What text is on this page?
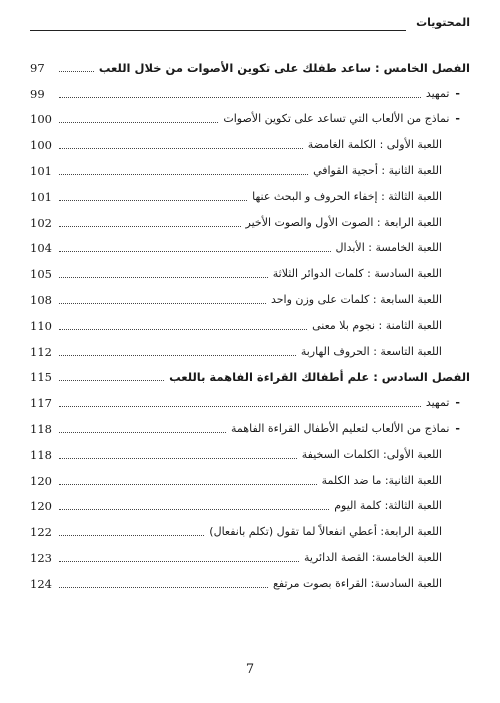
المحتويات
الفصل الخامس : ساعد طفلك على تكوين الأصوات من خلال اللعب
97
-تمهيد
99
-نماذج من الألعاب التي تساعد على تكوين الأصوات
100
اللعبة الأولى : الكلمة الغامضة
100
اللعبة الثانية : أحجية القوافي
101
اللعبة الثالثة : إخفاء الحروف و البحث عنها
101
اللعبة الرابعة : الصوت الأول والصوت الأخير
102
اللعبة الخامسة : الأبدال
104
اللعبة السادسة : كلمات الدوائر الثلاثة
105
اللعبة السابعة : كلمات على وزن واحد
108
اللعبة الثامنة : نجوم بلا معنى
110
اللعبة التاسعة : الحروف الهاربة
112
الفصل السادس : علم أطفالك القراءة الفاهمة باللعب
115
-تمهيد
117
-نماذج من الألعاب لتعليم الأطفال القراءة الفاهمة
118
اللعبة الأولى: الكلمات السخيفة
118
اللعبة الثانية: ما ضد الكلمة
120
اللعبة الثالثة: كلمة اليوم
120
اللعبة الرابعة: أعطي انفعالاً لما تقول (تكلم بانفعال)
122
اللعبة الخامسة: القصة الدائرية
123
اللعبة السادسة: القراءة بصوت مرتفع
124
7
